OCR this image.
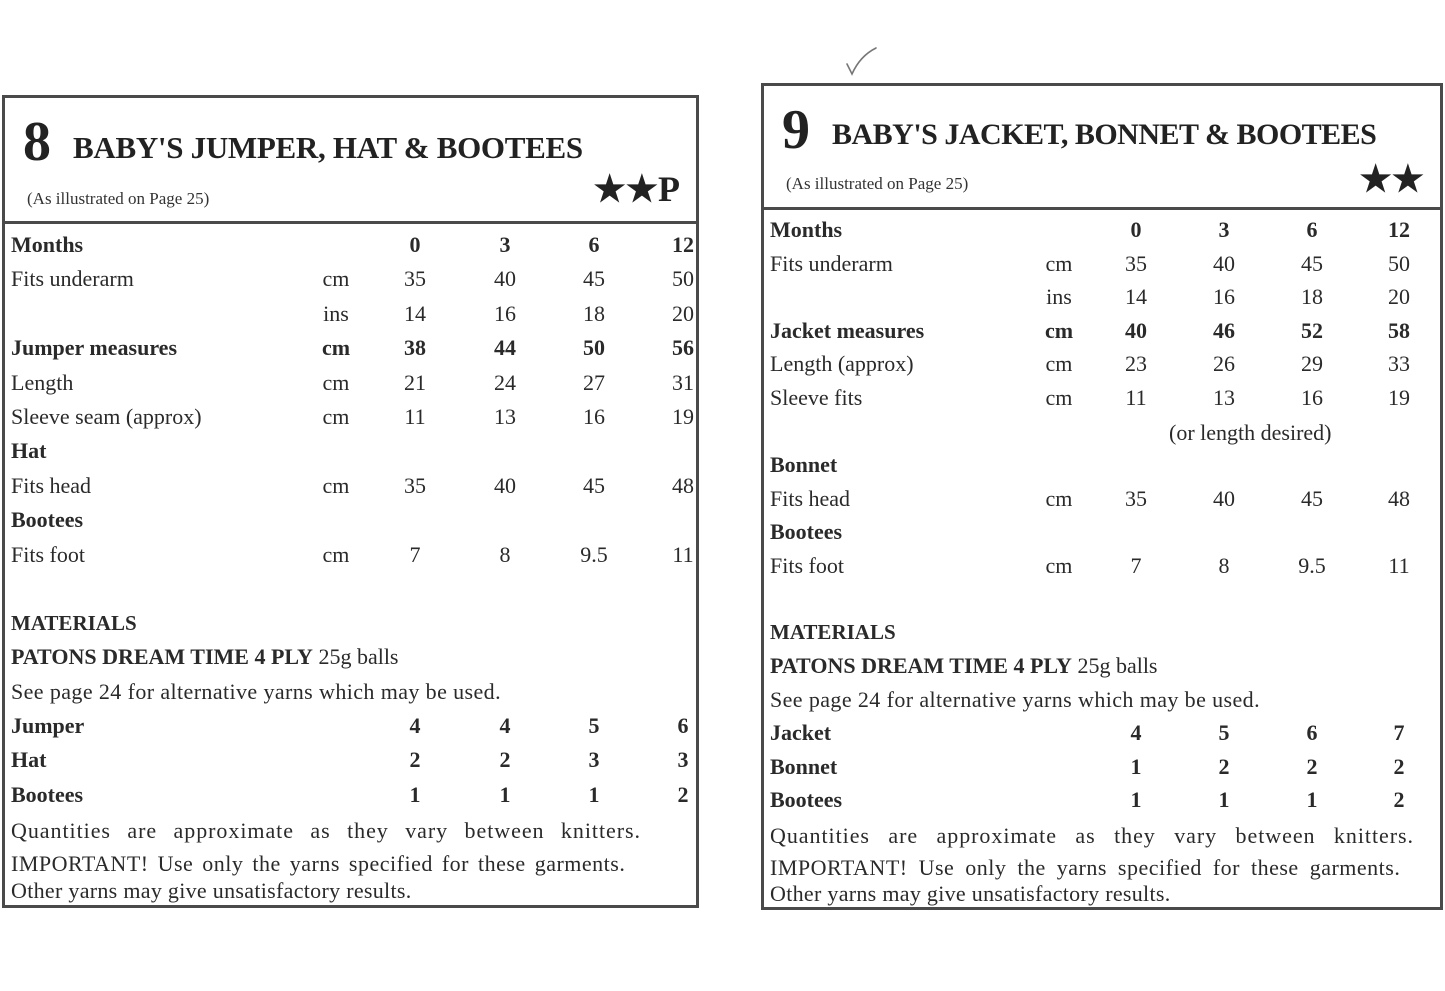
8 BABY'S JUMPER, HAT & BOOTEES
(As illustrated on Page 25)	★★P
Months	0	3	6	12
Fits underarm	cm	35	40	45	50
ins	14	16	18	20
Jumper measures	cm	38	44	50	56
Length	cm	21	24	27	31
Sleeve seam (approx)	cm	11	13	16	19
Hat
Fits head	cm	35	40	45	48
Bootees
Fits foot	cm	7	8	9.5	11
MATERIALS
PATONS DREAM TIME 4 PLY 25g balls
See page 24 for alternative yarns which may be used.
Jumper	4	4	5	6
Hat	2	2	3	3
Bootees	1	1	1	2
Quantities are approximate as they vary between knitters.
IMPORTANT! Use only the yarns specified for these garments.
Other yarns may give unsatisfactory results.
9 BABY'S JACKET, BONNET & BOOTEES
(As illustrated on Page 25)	★★
Months	0	3	6	12
Fits underarm	cm	35	40	45	50
ins	14	16	18	20
Jacket measures	cm	40	46	52	58
Length (approx)	cm	23	26	29	33
Sleeve fits	cm	11	13	16	19
Bonnet
Fits head	cm	35	40	45	48
Bootees
Fits foot	cm	7	8	9.5	11
(or length desired)
MATERIALS
PATONS DREAM TIME 4 PLY 25g balls
See page 24 for alternative yarns which may be used.
Jacket	4	5	6	7
Bonnet	1	2	2	2
Bootees	1	1	1	2
Quantities are approximate as they vary between knitters.
IMPORTANT! Use only the yarns specified for these garments.
Other yarns may give unsatisfactory results.
